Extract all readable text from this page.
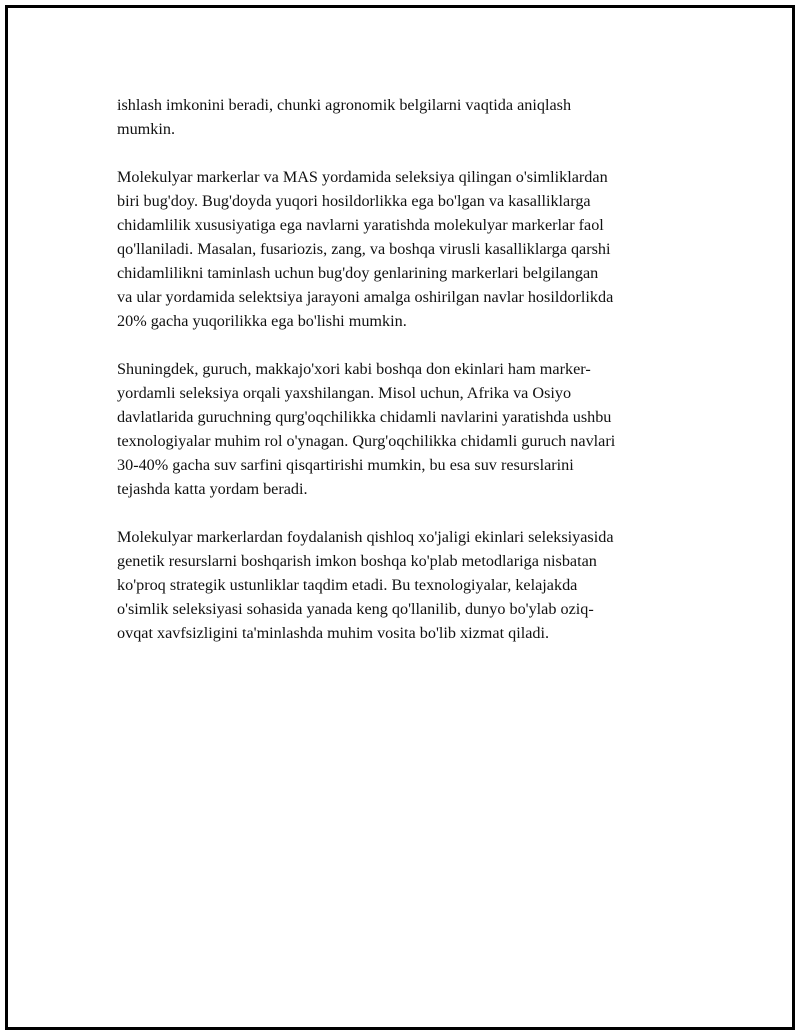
ishlash imkonini beradi, chunki agronomik belgilarni vaqtida aniqlash
mumkin.

Molekulyar markerlar va MAS yordamida seleksiya qilingan o'simliklardan
biri bug'doy. Bug'doyda yuqori hosildorlikka ega bo'lgan va kasalliklarga
chidamlilik xususiyatiga ega navlarni yaratishda molekulyar markerlar faol
qo'llaniladi. Masalan, fusariozis, zang, va boshqa virusli kasalliklarga qarshi
chidamlilikni taminlash uchun bug'doy genlarining markerlari belgilangan
va ular yordamida selektsiya jarayoni amalga oshirilgan navlar hosildorlikda
20% gacha yuqorilikka ega bo'lishi mumkin.

Shuningdek, guruch, makkajo'xori kabi boshqa don ekinlari ham marker-
yordamli seleksiya orqali yaxshilangan. Misol uchun, Afrika va Osiyo
davlatlarida guruchning qurg'oqchilikka chidamli navlarini yaratishda ushbu
texnologiyalar muhim rol o'ynagan. Qurg'oqchilikka chidamli guruch navlari
30-40% gacha suv sarfini qisqartirishi mumkin, bu esa suv resurslarini
tejashda katta yordam beradi.

Molekulyar markerlardan foydalanish qishloq xo'jaligi ekinlari seleksiyasida
genetik resurslarni boshqarish imkon boshqa ko'plab metodlariga nisbatan
ko'proq strategik ustunliklar taqdim etadi. Bu texnologiyalar, kelajakda
o'simlik seleksiyasi sohasida yanada keng qo'llanilib, dunyo bo'ylab oziq-
ovqat xavfsizligini ta'minlashda muhim vosita bo'lib xizmat qiladi.
